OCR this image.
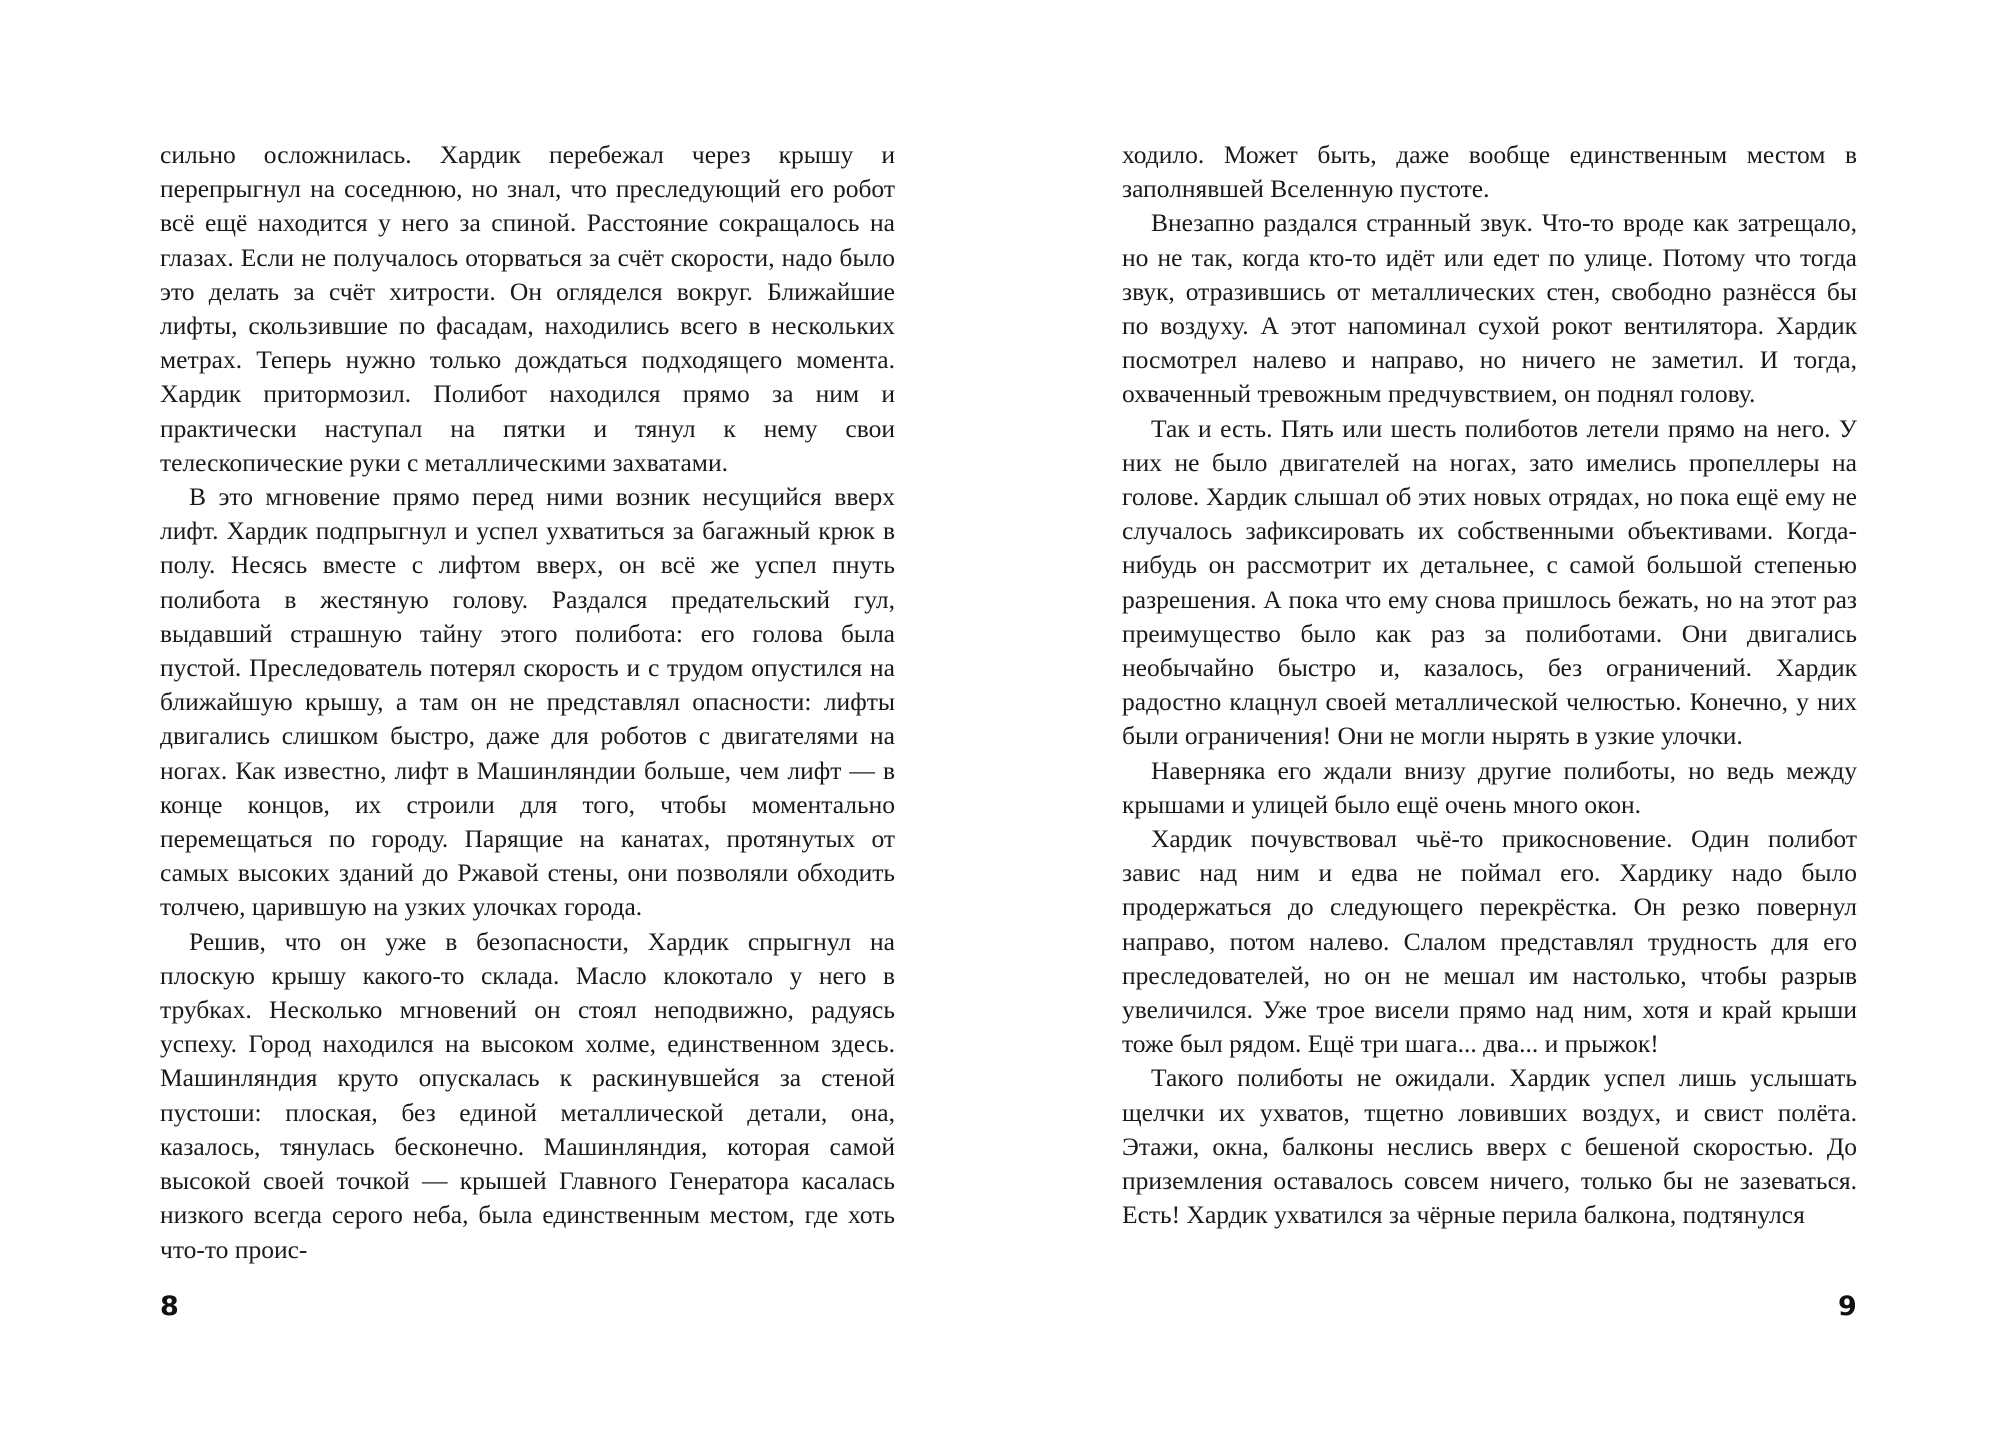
сильно осложнилась. Хардик перебежал через крышу и перепрыгнул на соседнюю, но знал, что преследующий его робот всё ещё находится у него за спиной. Расстояние сокращалось на глазах. Если не получалось оторваться за счёт скорости, надо было это делать за счёт хитрости. Он огляделся вокруг. Ближайшие лифты, скользившие по фасадам, находились всего в нескольких метрах. Теперь нужно только дождаться подходящего момента. Хардик притормозил. Полибот находился прямо за ним и практически наступал на пятки и тянул к нему свои телескопические руки с металлическими захватами.

В это мгновение прямо перед ними возник несущийся вверх лифт. Хардик подпрыгнул и успел ухватиться за багажный крюк в полу. Несясь вместе с лифтом вверх, он всё же успел пнуть полибота в жестяную голову. Раздался предательский гул, выдавший страшную тайну этого полибота: его голова была пустой. Преследователь потерял скорость и с трудом опустился на ближайшую крышу, а там он не представлял опасности: лифты двигались слишком быстро, даже для роботов с двигателями на ногах. Как известно, лифт в Машинляндии больше, чем лифт — в конце концов, их строили для того, чтобы моментально перемещаться по городу. Парящие на канатах, протянутых от самых высоких зданий до Ржавой стены, они позволяли обходить толчею, царившую на узких улочках города.

Решив, что он уже в безопасности, Хардик спрыгнул на плоскую крышу какого-то склада. Масло клокотало у него в трубках. Несколько мгновений он стоял неподвижно, радуясь успеху. Город находился на высоком холме, единственном здесь. Машинляндия круто опускалась к раскинувшейся за стеной пустоши: плоская, без единой металлической детали, она, казалось, тянулась бесконечно. Машинляндия, которая самой высокой своей точкой — крышей Главного Генератора касалась низкого всегда серого неба, была единственным местом, где хоть что-то проис-

8

ходило. Может быть, даже вообще единственным местом в заполнявшей Вселенную пустоте.

Внезапно раздался странный звук. Что-то вроде как затрещало, но не так, когда кто-то идёт или едет по улице. Потому что тогда звук, отразившись от металлических стен, свободно разнёсся бы по воздуху. А этот напоминал сухой рокот вентилятора. Хардик посмотрел налево и направо, но ничего не заметил. И тогда, охваченный тревожным предчувствием, он поднял голову.

Так и есть. Пять или шесть полиботов летели прямо на него. У них не было двигателей на ногах, зато имелись пропеллеры на голове. Хардик слышал об этих новых отрядах, но пока ещё ему не случалось зафиксировать их собственными объективами. Когда-нибудь он рассмотрит их детальнее, с самой большой степенью разрешения. А пока что ему снова пришлось бежать, но на этот раз преимущество было как раз за полиботами. Они двигались необычайно быстро и, казалось, без ограничений. Хардик радостно клацнул своей металлической челюстью. Конечно, у них были ограничения! Они не могли нырять в узкие улочки.

Наверняка его ждали внизу другие полиботы, но ведь между крышами и улицей было ещё очень много окон.

Хардик почувствовал чьё-то прикосновение. Один полибот завис над ним и едва не поймал его. Хардику надо было продержаться до следующего перекрёстка. Он резко повернул направо, потом налево. Слалом представлял трудность для его преследователей, но он не мешал им настолько, чтобы разрыв увеличился. Уже трое висели прямо над ним, хотя и край крыши тоже был рядом. Ещё три шага... два... и прыжок!

Такого полиботы не ожидали. Хардик успел лишь услышать щелчки их ухватов, тщетно ловивших воздух, и свист полёта. Этажи, окна, балконы неслись вверх с бешеной скоростью. До приземления оставалось совсем ничего, только бы не зазеваться. Есть! Хардик ухватился за чёрные перила балкона, подтянулся

9
